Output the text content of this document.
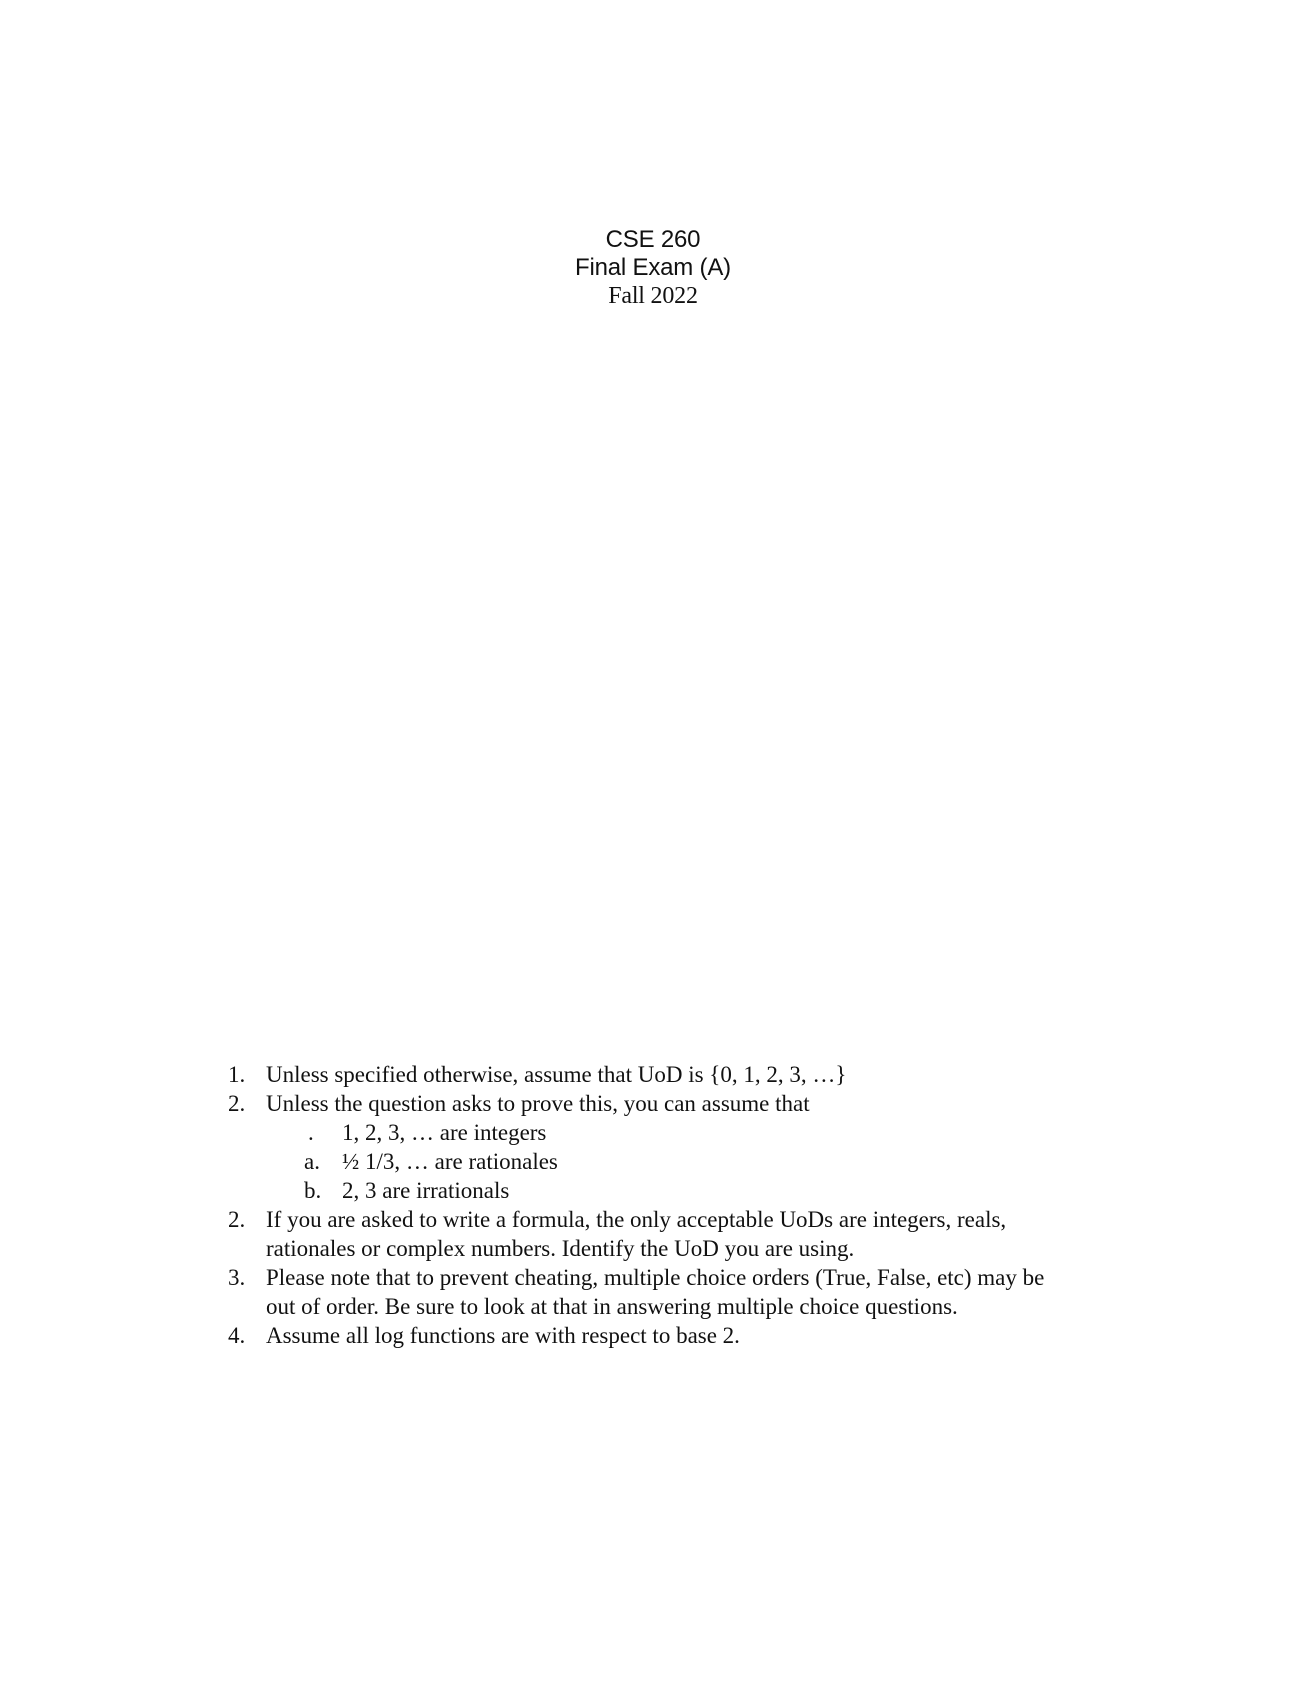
CSE 260
Final Exam (A)
Fall 2022
1. Unless specified otherwise, assume that UoD is {0, 1, 2, 3, …}
2. Unless the question asks to prove this, you can assume that
. 1, 2, 3, … are integers
a. ½ 1/3, … are rationales
b. 2, 3 are irrationals
2. If you are asked to write a formula, the only acceptable UoDs are integers, reals,
rationales or complex numbers. Identify the UoD you are using.
3. Please note that to prevent cheating, multiple choice orders (True, False, etc) may be
out of order. Be sure to look at that in answering multiple choice questions.
4. Assume all log functions are with respect to base 2.
